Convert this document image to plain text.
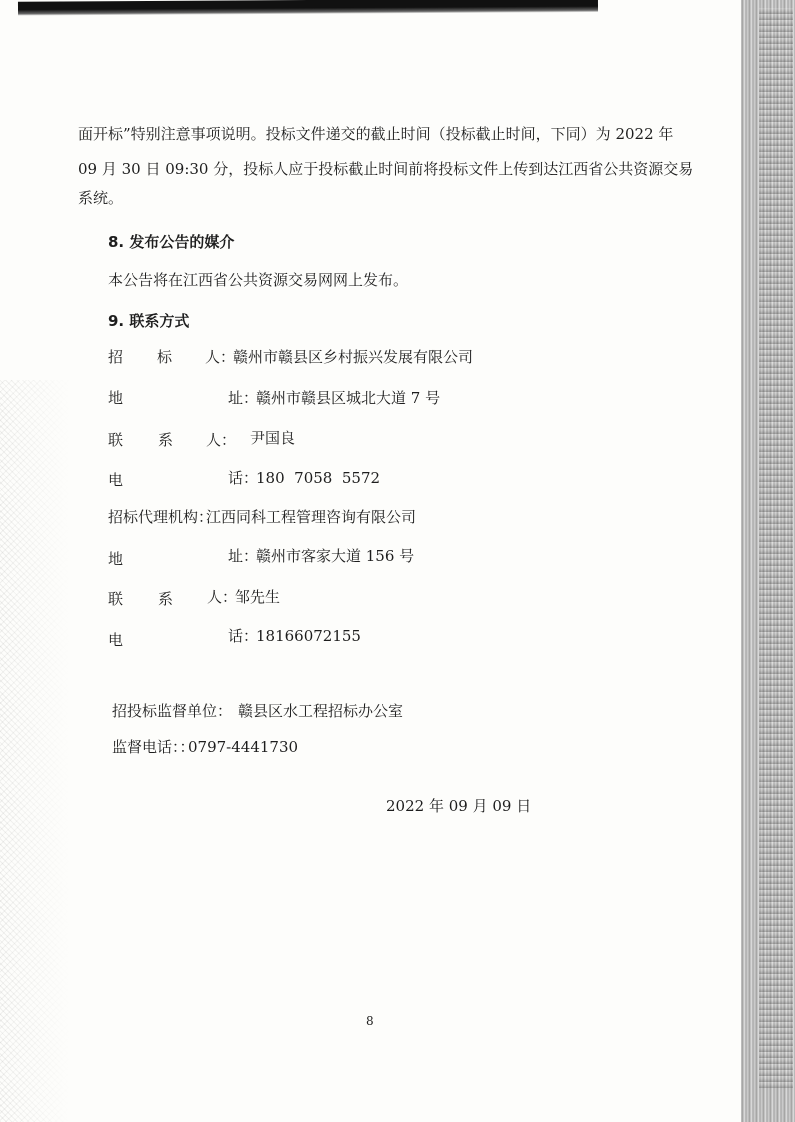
面开标”特别注意事项说明。投标文件递交的截止时间（投标截止时间，下同）为 2022 年
09 月 30 日 09:30 分，投标人应于投标截止时间前将投标文件上传到达江西省公共资源交易
系统。
8. 发布公告的媒介
本公告将在江西省公共资源交易网网上发布。
9. 联系方式
招 标 人：
赣州市赣县区乡村振兴发展有限公司
地	址：
赣州市赣县区城北大道 7 号
联 系 人： 尹国良
电	话：
180  7058  5572
招标代理机构：
江西同科工程管理咨询有限公司
地	址：
赣州市客家大道 156 号
联 系 人：
邹先生
电	话：
18166072155
招投标监督单位： 赣县区水工程招标办公室
监督电话：：
0797-4441730
2022 年 09 月 09 日
8
